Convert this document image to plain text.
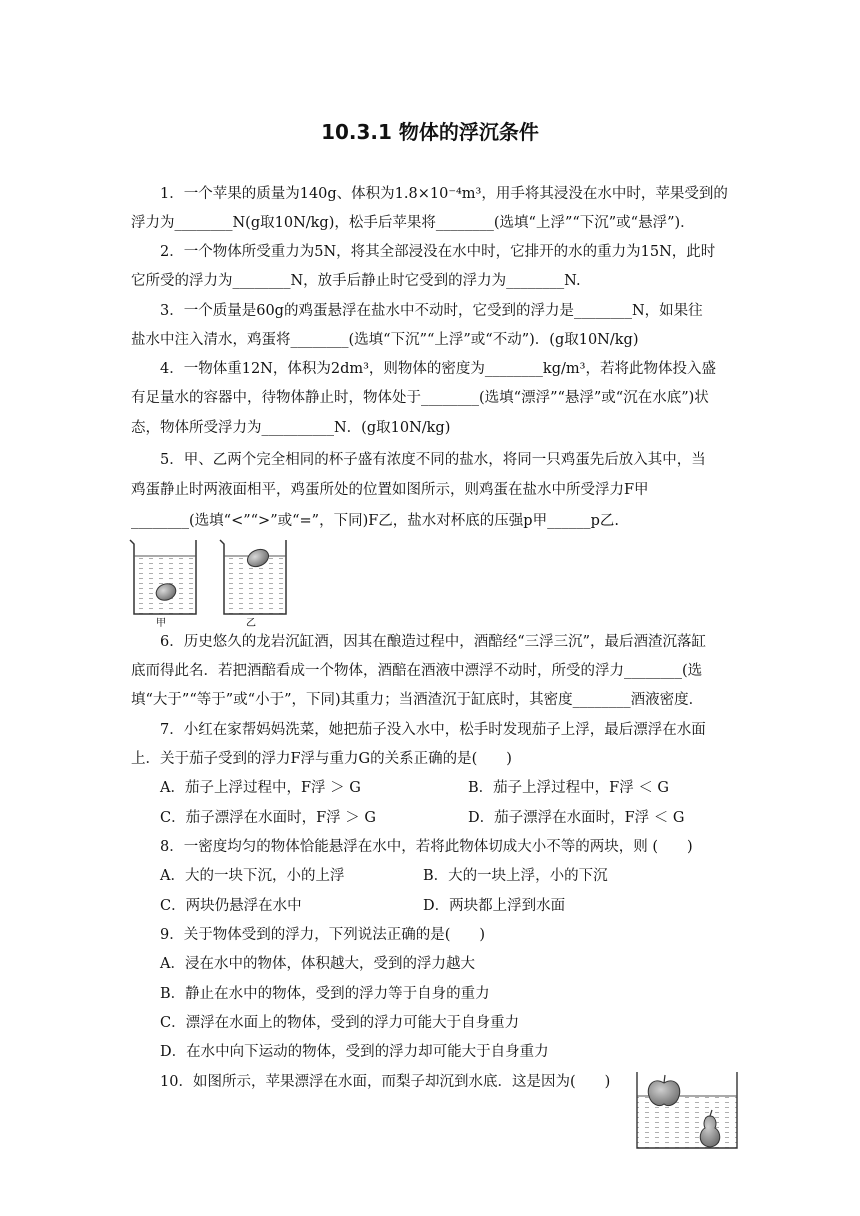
10.3.1 物体的浮沉条件
1．一个苹果的质量为140g、体积为1.8×10⁻⁴m³，用手将其浸没在水中时，苹果受到的
浮力为________N(g取10N/kg)，松手后苹果将________(选填“上浮”“下沉”或“悬浮”)．
2．一个物体所受重力为5N，将其全部浸没在水中时，它排开的水的重力为15N，此时
它所受的浮力为________N，放手后静止时它受到的浮力为________N.
3．一个质量是60g的鸡蛋悬浮在盐水中不动时，它受到的浮力是________N，如果往
盐水中注入清水，鸡蛋将________(选填“下沉”“上浮”或“不动”)．(g取10N/kg)
4．一物体重12N，体积为2dm³，则物体的密度为________kg/m³，若将此物体投入盛
有足量水的容器中，待物体静止时，物体处于________(选填“漂浮”“悬浮”或“沉在水底”)状
态，物体所受浮力为__________N．(g取10N/kg)
5．甲、乙两个完全相同的杯子盛有浓度不同的盐水，将同一只鸡蛋先后放入其中，当
鸡蛋静止时两液面相平，鸡蛋所处的位置如图所示，则鸡蛋在盐水中所受浮力F甲
________(选填“<”“>”或“=”，下同)F乙，盐水对杯底的压强p甲______p乙.
甲	乙
6．历史悠久的龙岩沉缸酒，因其在酿造过程中，酒醅经“三浮三沉”，最后酒渣沉落缸
底而得此名．若把酒醅看成一个物体，酒醅在酒液中漂浮不动时，所受的浮力________(选
填“大于”“等于”或“小于”，下同)其重力；当酒渣沉于缸底时，其密度________酒液密度．
7．小红在家帮妈妈洗菜，她把茄子没入水中，松手时发现茄子上浮，最后漂浮在水面
上．关于茄子受到的浮力F浮与重力G的关系正确的是(　　)
A．茄子上浮过程中，F浮 ＞ G	B．茄子上浮过程中，F浮 ＜ G
C．茄子漂浮在水面时，F浮 ＞ G	D．茄子漂浮在水面时，F浮 ＜ G
8．一密度均匀的物体恰能悬浮在水中，若将此物体切成大小不等的两块，则 (　　)
A．大的一块下沉，小的上浮	B．大的一块上浮，小的下沉
C．两块仍悬浮在水中	D．两块都上浮到水面
9．关于物体受到的浮力，下列说法正确的是(　　)
A．浸在水中的物体，体积越大，受到的浮力越大
B．静止在水中的物体，受到的浮力等于自身的重力
C．漂浮在水面上的物体，受到的浮力可能大于自身重力
D．在水中向下运动的物体，受到的浮力却可能大于自身重力
10．如图所示，苹果漂浮在水面，而梨子却沉到水底．这是因为(　　)
